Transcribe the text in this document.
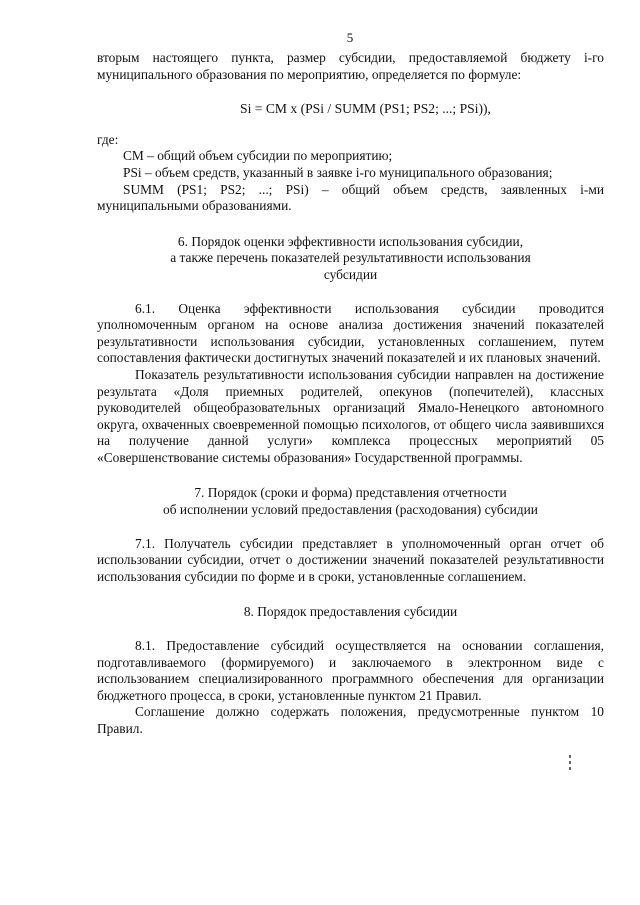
5

вторым настоящего пункта, размер субсидии, предоставляемой бюджету i-го муниципального образования по мероприятию, определяется по формуле:

Si = CM x (PSi / SUMM (PS1; PS2; ...; PSi)),

где:

CM – общий объем субсидии по мероприятию;

PSi – объем средств, указанный в заявке i-го муниципального образования;

SUMM (PS1; PS2; ...; PSi) – общий объем средств, заявленных i-ми муниципальными образованиями.

6. Порядок оценки эффективности использования субсидии,
а также перечень показателей результативности использования
субсидии

6.1. Оценка эффективности использования субсидии проводится уполномоченным органом на основе анализа достижения значений показателей результативности использования субсидии, установленных соглашением, путем сопоставления фактически достигнутых значений показателей и их плановых значений.

Показатель результативности использования субсидии направлен на достижение результата «Доля приемных родителей, опекунов (попечителей), классных руководителей общеобразовательных организаций Ямало-Ненецкого автономного округа, охваченных своевременной помощью психологов, от общего числа заявившихся на получение данной услуги» комплекса процессных мероприятий 05 «Совершенствование системы образования» Государственной программы.

7. Порядок (сроки и форма) представления отчетности
об исполнении условий предоставления (расходования) субсидии

7.1. Получатель субсидии представляет в уполномоченный орган отчет об использовании субсидии, отчет о достижении значений показателей результативности использования субсидии по форме и в сроки, установленные соглашением.

8. Порядок предоставления субсидии

8.1. Предоставление субсидий осуществляется на основании соглашения, подготавливаемого (формируемого) и заключаемого в электронном виде с использованием специализированного программного обеспечения для организации бюджетного процесса, в сроки, установленные пунктом 21 Правил.

Соглашение должно содержать положения, предусмотренные пунктом 10 Правил.
